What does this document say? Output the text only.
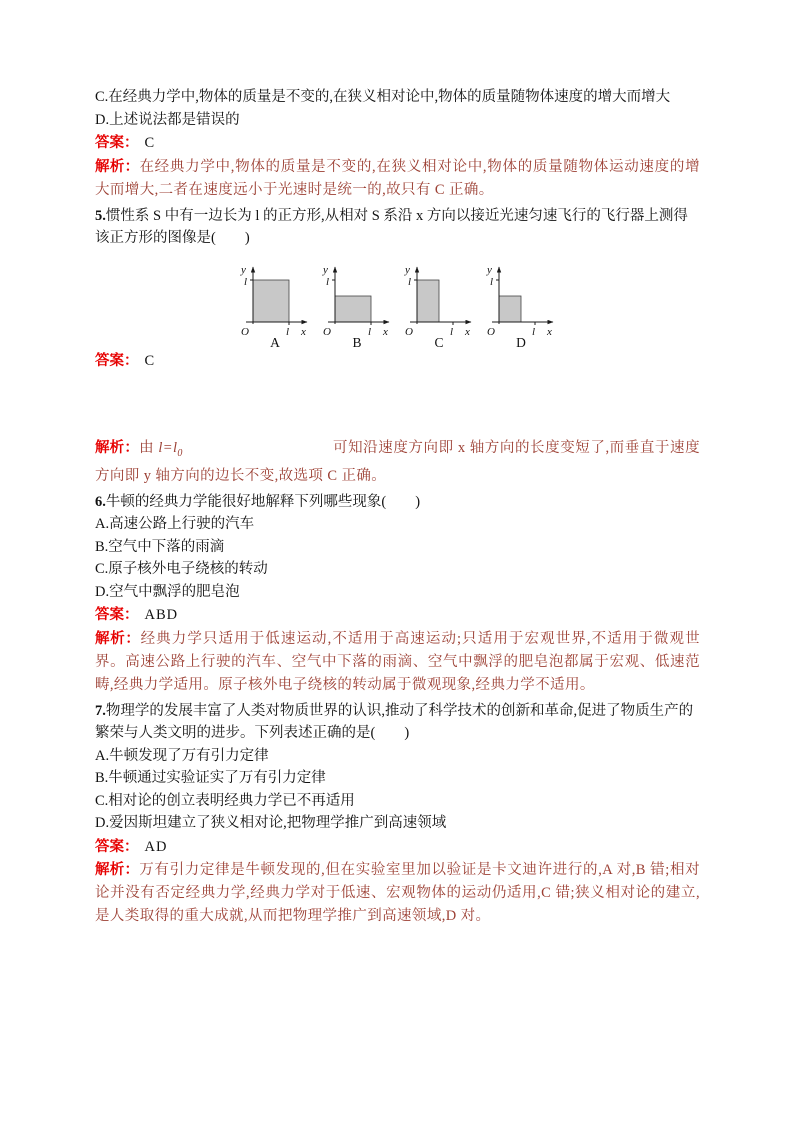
C.在经典力学中,物体的质量是不变的,在狭义相对论中,物体的质量随物体速度的增大而增大
D.上述说法都是错误的
答案： C
解析：在经典力学中,物体的质量是不变的,在狭义相对论中,物体的质量随物体运动速度的增大而增大,二者在速度远小于光速时是统一的,故只有 C 正确。
5.惯性系 S 中有一边长为 l 的正方形,从相对 S 系沿 x 方向以接近光速匀速飞行的飞行器上测得该正方形的图像是(　　)
y
l
O	l x
A
y
l
O	l x
B
y
l
O	l x
C
y
l
O	l x
D
答案： C
解析：由 $l=l_0$	可知沿速度方向即 x 轴方向的长度变短了,而垂直于速度方向即 y 轴方向的边长不变,故选项 C 正确。
6.牛顿的经典力学能很好地解释下列哪些现象(　　)
A.高速公路上行驶的汽车
B.空气中下落的雨滴
C.原子核外电子绕核的转动
D.空气中飘浮的肥皂泡
答案： ABD
解析：经典力学只适用于低速运动,不适用于高速运动;只适用于宏观世界,不适用于微观世界。高速公路上行驶的汽车、空气中下落的雨滴、空气中飘浮的肥皂泡都属于宏观、低速范畴,经典力学适用。原子核外电子绕核的转动属于微观现象,经典力学不适用。
7.物理学的发展丰富了人类对物质世界的认识,推动了科学技术的创新和革命,促进了物质生产的繁荣与人类文明的进步。下列表述正确的是(　　)
A.牛顿发现了万有引力定律
B.牛顿通过实验证实了万有引力定律
C.相对论的创立表明经典力学已不再适用
D.爱因斯坦建立了狭义相对论,把物理学推广到高速领域
答案： AD
解析：万有引力定律是牛顿发现的,但在实验室里加以验证是卡文迪许进行的,A 对,B 错;相对论并没有否定经典力学,经典力学对于低速、宏观物体的运动仍适用,C 错;狭义相对论的建立,是人类取得的重大成就,从而把物理学推广到高速领域,D 对。
